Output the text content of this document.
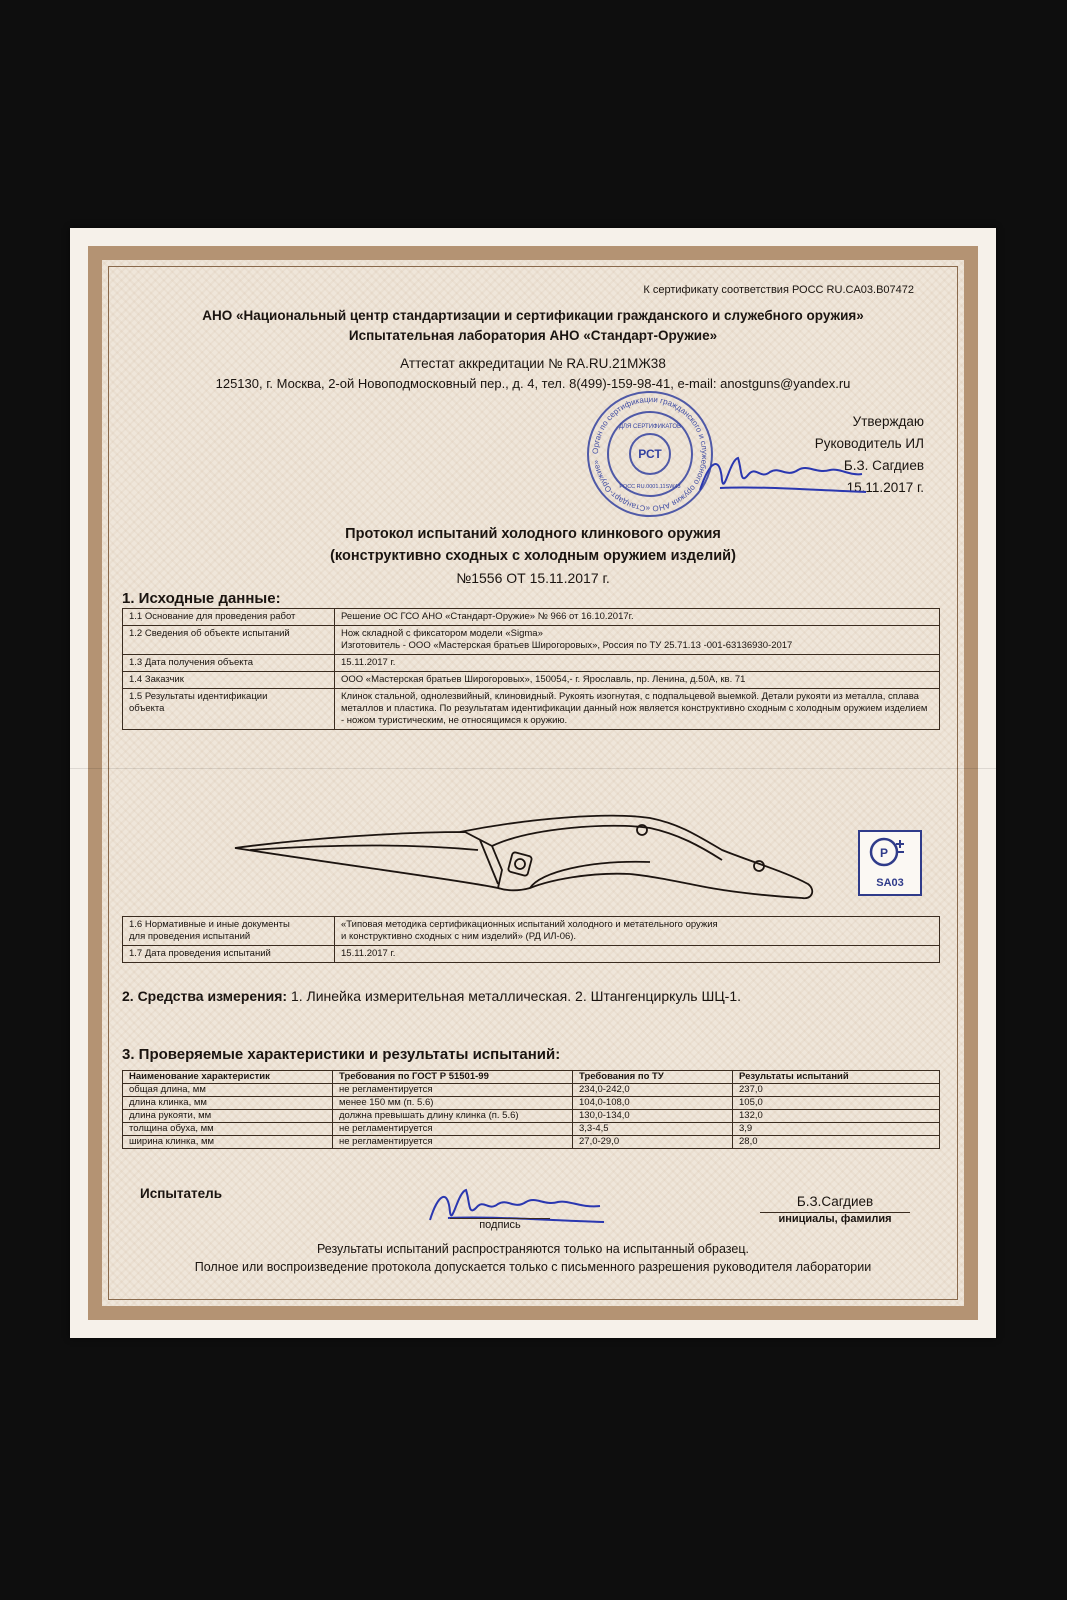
К сертификату соответствия РОСС RU.CA03.B07472
АНО «Национальный центр стандартизации и сертификации гражданского и служебного оружия»
Испытательная лаборатория АНО «Стандарт-Оружие»
Аттестат аккредитации № RA.RU.21МЖ38
125130, г. Москва, 2-ой Новоподмосковный пер., д. 4, тел. 8(499)-159-98-41, e-mail: anostguns@yandex.ru
Утверждаю
Руководитель ИЛ
Б.З. Сагдиев
15.11.2017 г.
Орган по сертификации гражданского и служебного оружия АНО «Стандарт-Оружие»
ДЛЯ СЕРТИФИКАТОВ
РСТ
РОСС RU.0001.11SW43
Протокол испытаний холодного клинкового оружия
(конструктивно сходных с холодным оружием изделий)
№1556 ОТ 15.11.2017 г.
1. Исходные данные:
1.1 Основание для проведения работ	Решение ОС ГСО АНО «Стандарт-Оружие» № 966 от 16.10.2017г.
1.2 Сведения об объекте испытаний	Нож складной с фиксатором модели «Sigma»
Изготовитель - ООО «Мастерская братьев Широгоровых», Россия по ТУ 25.71.13 -001-63136930-2017
1.3 Дата получения объекта	15.11.2017 г.
1.4 Заказчик	ООО «Мастерская братьев Широгоровых», 150054,- г. Ярославль, пр. Ленина, д.50А, кв. 71
1.5 Результаты идентификации
объекта	Клинок стальной, однолезвийный, клиновидный. Рукоять изогнутая, с подпальцевой выемкой. Детали рукояти из металла, сплава металлов и пластика. По результатам идентификации данный нож является конструктивно сходным с холодным оружием изделием - ножом туристическим, не относящимся к оружию.
Р
SA03
1.6 Нормативные и иные документы
для проведения испытаний	«Типовая методика сертификационных испытаний холодного и метательного оружия
и конструктивно сходных с ним изделий» (РД ИЛ-06).
1.7 Дата проведения испытаний	15.11.2017 г.
2. Средства измерения: 1. Линейка измерительная металлическая. 2. Штангенциркуль ШЦ-1.
3. Проверяемые характеристики и результаты испытаний:
Наименование характеристик	Требования по ГОСТ Р 51501-99	Требования по ТУ	Результаты испытаний
общая длина, мм	не регламентируется	234,0-242,0	237,0
длина клинка, мм	менее 150 мм (п. 5.6)	104,0-108,0	105,0
длина рукояти, мм	должна превышать длину клинка (п. 5.6)	130,0-134,0	132,0
толщина обуха, мм	не регламентируется	3,3-4,5	3,9
ширина клинка, мм	не регламентируется	27,0-29,0	28,0
Испытатель
подпись
Б.З.Сагдиев
инициалы, фамилия
Результаты испытаний распространяются только на испытанный образец.
Полное или воспроизведение протокола допускается только с письменного разрешения руководителя лаборатории
